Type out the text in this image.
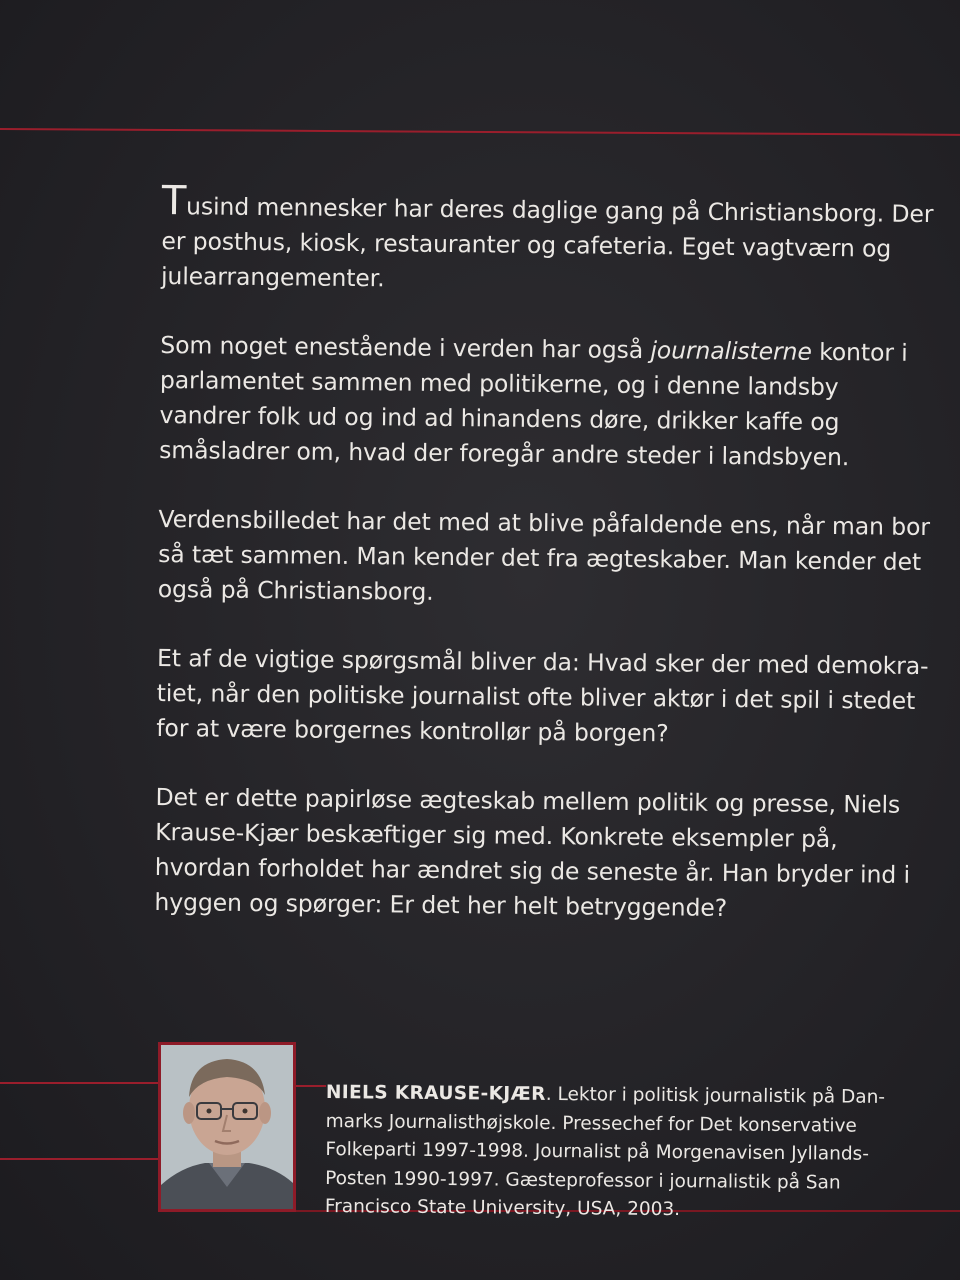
Tusind mennesker har deres daglige gang på Christiansborg. Der er posthus, kiosk, restauranter og cafeteria. Eget vagtværn og julearrangementer.

Som noget enestående i verden har også journalisterne kontor i parlamentet sammen med politikerne, og i denne landsby vandrer folk ud og ind ad hinandens døre, drikker kaffe og småsladrer om, hvad der foregår andre steder i landsbyen.

Verdensbilledet har det med at blive påfaldende ens, når man bor så tæt sammen. Man kender det fra ægteskaber. Man kender det også på Christiansborg.

Et af de vigtige spørgsmål bliver da: Hvad sker der med demokratiet, når den politiske journalist ofte bliver aktør i det spil i stedet for at være borgernes kontrollør på borgen?

Det er dette papirløse ægteskab mellem politik og presse, Niels Krause-Kjær beskæftiger sig med. Konkrete eksempler på, hvordan forholdet har ændret sig de seneste år. Han bryder ind i hyggen og spørger: Er det her helt betryggende?

NIELS KRAUSE-KJÆR. Lektor i politisk journalistik på Danmarks Journalisthøjskole. Pressechef for Det konservative Folkeparti 1997-1998. Journalist på Morgenavisen Jyllands-Posten 1990-1997. Gæsteprofessor i journalistik på San Francisco State University, USA, 2003.
